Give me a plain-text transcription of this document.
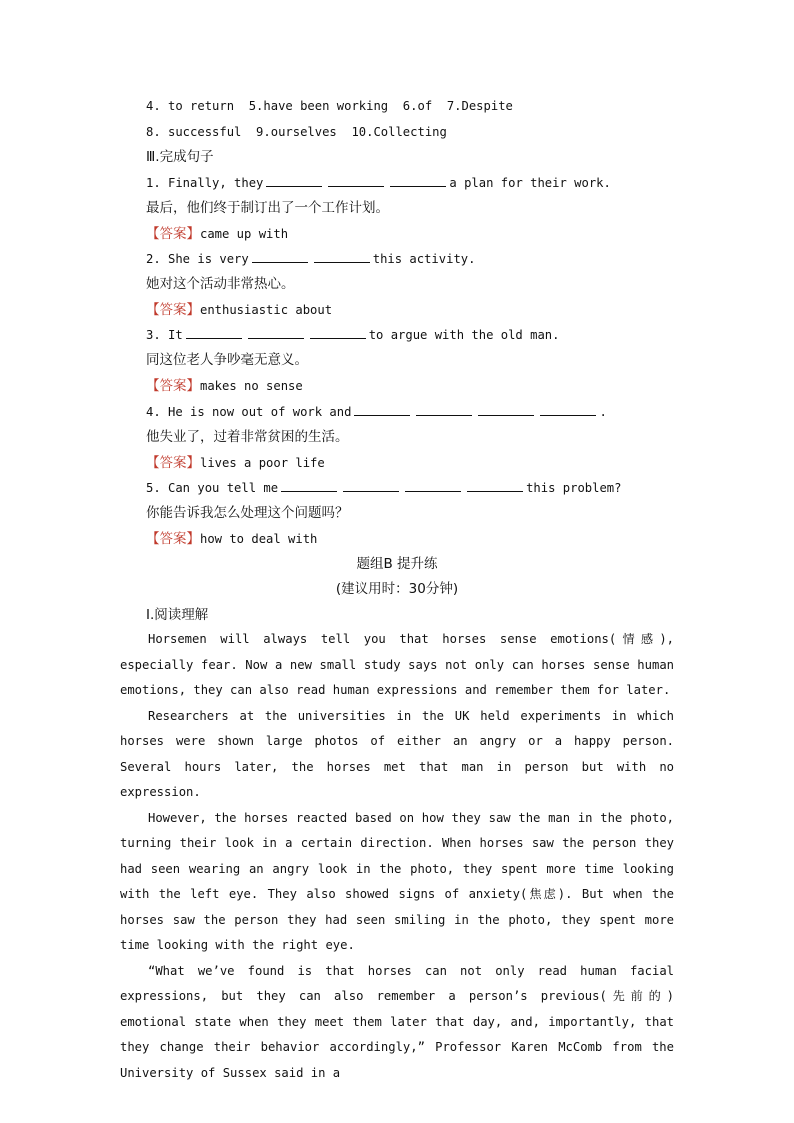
4. to return  5.have been working  6.of  7.Despite
8. successful  9.ourselves  10.Collecting
Ⅲ.完成句子
1. Finally, they	a plan for their work.
最后，他们终于制订出了一个工作计划。
【答案】came up with
2. She is very	this activity.
她对这个活动非常热心。
【答案】enthusiastic about
3. It	to argue with the old man.
同这位老人争吵毫无意义。
【答案】makes no sense
4. He is now out of work and	.
他失业了，过着非常贫困的生活。
【答案】lives a poor life
5. Can you tell me	this problem?
你能告诉我怎么处理这个问题吗？
【答案】how to deal with
题组B 提升练
(建议用时：30分钟)
Ⅰ.阅读理解

Horsemen will always tell you that horses sense emotions(情感), especially fear. Now a new small study says not only can horses sense human emotions, they can also read human expressions and remember them for later.

Researchers at the universities in the UK held experiments in which horses were shown large photos of either an angry or a happy person. Several hours later, the horses met that man in person but with no expression.

However, the horses reacted based on how they saw the man in the photo, turning their look in a certain direction. When horses saw the person they had seen wearing an angry look in the photo, they spent more time looking with the left eye. They also showed signs of anxiety(焦虑). But when the horses saw the person they had seen smiling in the photo, they spent more time looking with the right eye.

“What we’ve found is that horses can not only read human facial expressions, but they can also remember a person’s previous(先前的) emotional state when they meet them later that day, and, importantly, that they change their behavior accordingly,” Professor Karen McComb from the University of Sussex said in a
